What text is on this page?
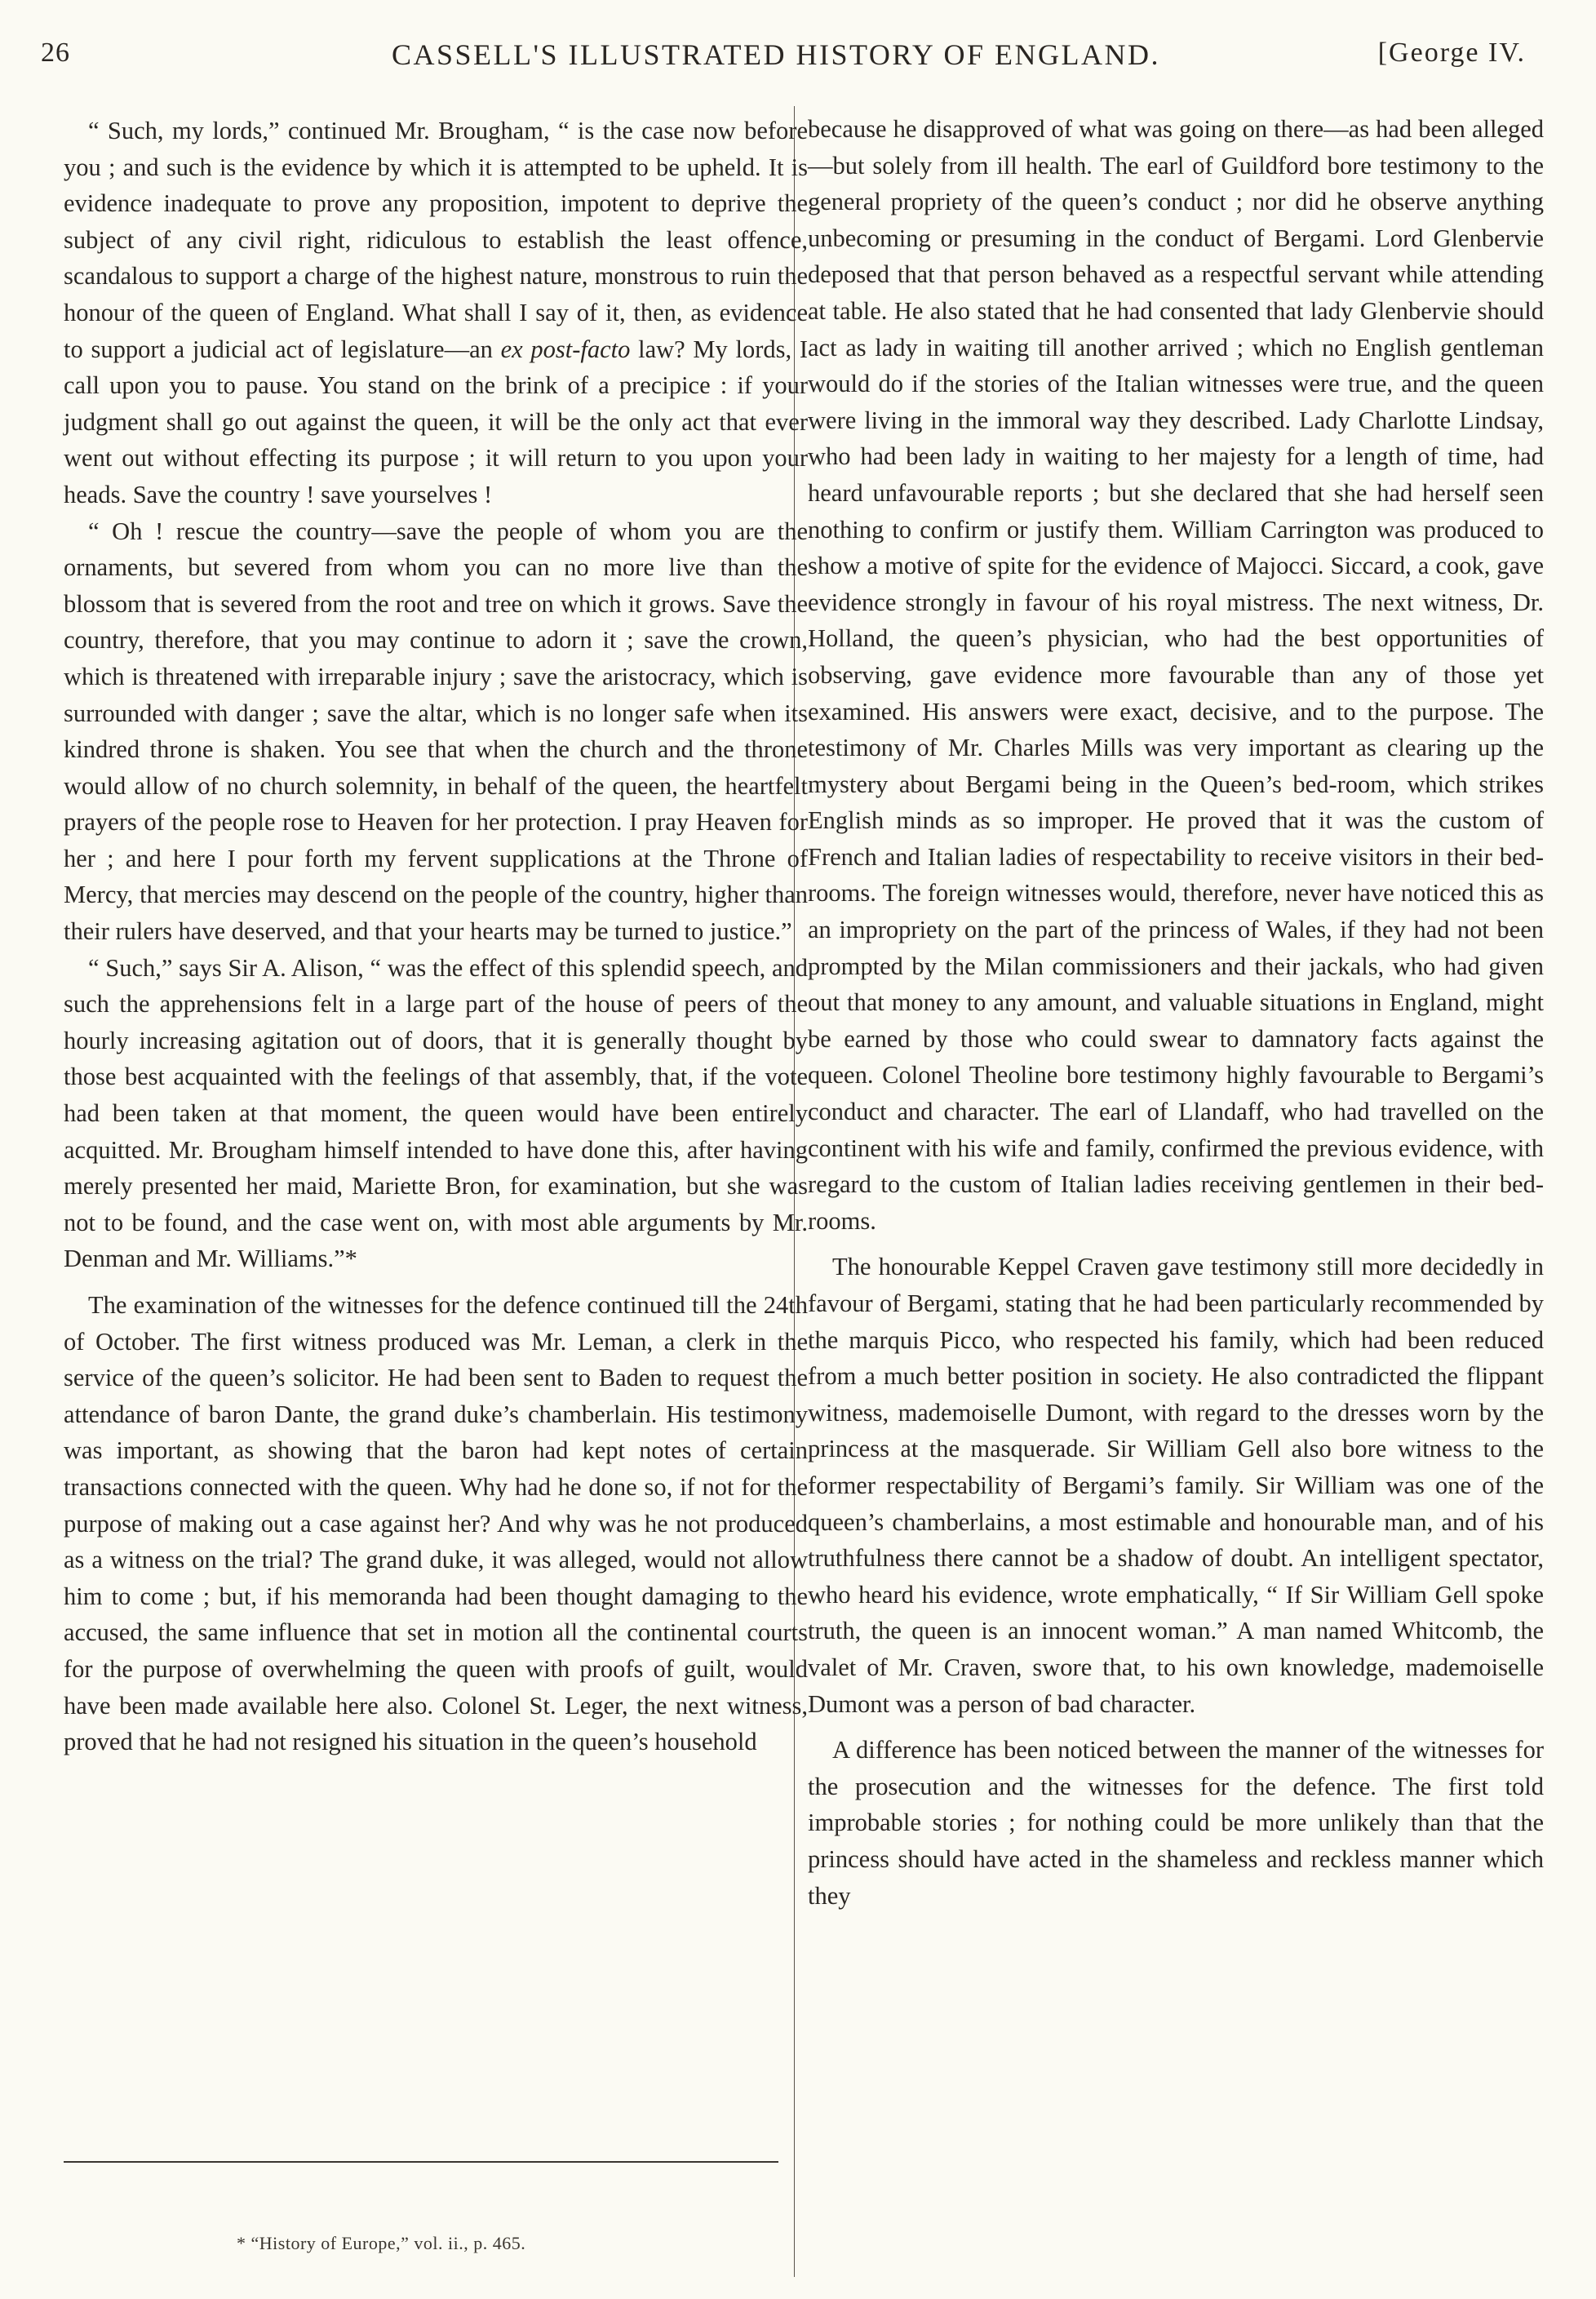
26	CASSELL'S ILLUSTRATED HISTORY OF ENGLAND.	[George IV.

“ Such, my lords,” continued Mr. Brougham, “ is the case now before you ; and such is the evidence by which it is attempted to be upheld. It is evidence inadequate to prove any proposition, impotent to deprive the subject of any civil right, ridiculous to establish the least offence, scandalous to support a charge of the highest nature, monstrous to ruin the honour of the queen of England. What shall I say of it, then, as evidence to support a judicial act of legislature—an ex post-facto law? My lords, I call upon you to pause. You stand on the brink of a precipice : if your judgment shall go out against the queen, it will be the only act that ever went out without effecting its purpose ; it will return to you upon your heads. Save the country ! save yourselves !

“ Oh ! rescue the country—save the people of whom you are the ornaments, but severed from whom you can no more live than the blossom that is severed from the root and tree on which it grows. Save the country, therefore, that you may continue to adorn it ; save the crown, which is threatened with irreparable injury ; save the aristocracy, which is surrounded with danger ; save the altar, which is no longer safe when its kindred throne is shaken. You see that when the church and the throne would allow of no church solemnity, in behalf of the queen, the heartfelt prayers of the people rose to Heaven for her protection. I pray Heaven for her ; and here I pour forth my fervent supplications at the Throne of Mercy, that mercies may descend on the people of the country, higher than their rulers have deserved, and that your hearts may be turned to justice.”

“ Such,” says Sir A. Alison, “ was the effect of this splendid speech, and such the apprehensions felt in a large part of the house of peers of the hourly increasing agitation out of doors, that it is generally thought by those best acquainted with the feelings of that assembly, that, if the vote had been taken at that moment, the queen would have been entirely acquitted. Mr. Brougham himself intended to have done this, after having merely presented her maid, Mariette Bron, for examination, but she was not to be found, and the case went on, with most able arguments by Mr. Denman and Mr. Williams.”*

The examination of the witnesses for the defence continued till the 24th of October. The first witness produced was Mr. Leman, a clerk in the service of the queen’s solicitor. He had been sent to Baden to request the attendance of baron Dante, the grand duke’s chamberlain. His testimony was important, as showing that the baron had kept notes of certain transactions connected with the queen. Why had he done so, if not for the purpose of making out a case against her? And why was he not produced as a witness on the trial? The grand duke, it was alleged, would not allow him to come ; but, if his memoranda had been thought damaging to the accused, the same influence that set in motion all the continental courts for the purpose of overwhelming the queen with proofs of guilt, would have been made available here also. Colonel St. Leger, the next witness, proved that he had not resigned his situation in the queen’s household

because he disapproved of what was going on there—as had been alleged—but solely from ill health. The earl of Guildford bore testimony to the general propriety of the queen’s conduct ; nor did he observe anything unbecoming or presuming in the conduct of Bergami. Lord Glenbervie deposed that that person behaved as a respectful servant while attending at table. He also stated that he had consented that lady Glenbervie should act as lady in waiting till another arrived ; which no English gentleman would do if the stories of the Italian witnesses were true, and the queen were living in the immoral way they described. Lady Charlotte Lindsay, who had been lady in waiting to her majesty for a length of time, had heard unfavourable reports ; but she declared that she had herself seen nothing to confirm or justify them. William Carrington was produced to show a motive of spite for the evidence of Majocci. Siccard, a cook, gave evidence strongly in favour of his royal mistress. The next witness, Dr. Holland, the queen’s physician, who had the best opportunities of observing, gave evidence more favourable than any of those yet examined. His answers were exact, decisive, and to the purpose. The testimony of Mr. Charles Mills was very important as clearing up the mystery about Bergami being in the Queen’s bed-room, which strikes English minds as so improper. He proved that it was the custom of French and Italian ladies of respectability to receive visitors in their bed-rooms. The foreign witnesses would, therefore, never have noticed this as an impropriety on the part of the princess of Wales, if they had not been prompted by the Milan commissioners and their jackals, who had given out that money to any amount, and valuable situations in England, might be earned by those who could swear to damnatory facts against the queen. Colonel Theoline bore testimony highly favourable to Bergami’s conduct and character. The earl of Llandaff, who had travelled on the continent with his wife and family, confirmed the previous evidence, with regard to the custom of Italian ladies receiving gentlemen in their bed-rooms.

The honourable Keppel Craven gave testimony still more decidedly in favour of Bergami, stating that he had been particularly recommended by the marquis Picco, who respected his family, which had been reduced from a much better position in society. He also contradicted the flippant witness, mademoiselle Dumont, with regard to the dresses worn by the princess at the masquerade. Sir William Gell also bore witness to the former respectability of Bergami’s family. Sir William was one of the queen’s chamberlains, a most estimable and honourable man, and of his truthfulness there cannot be a shadow of doubt. An intelligent spectator, who heard his evidence, wrote emphatically, “ If Sir William Gell spoke truth, the queen is an innocent woman.” A man named Whitcomb, the valet of Mr. Craven, swore that, to his own knowledge, mademoiselle Dumont was a person of bad character.

A difference has been noticed between the manner of the witnesses for the prosecution and the witnesses for the defence. The first told improbable stories ; for nothing could be more unlikely than that the princess should have acted in the shameless and reckless manner which they

* “History of Europe,” vol. ii., p. 465.
